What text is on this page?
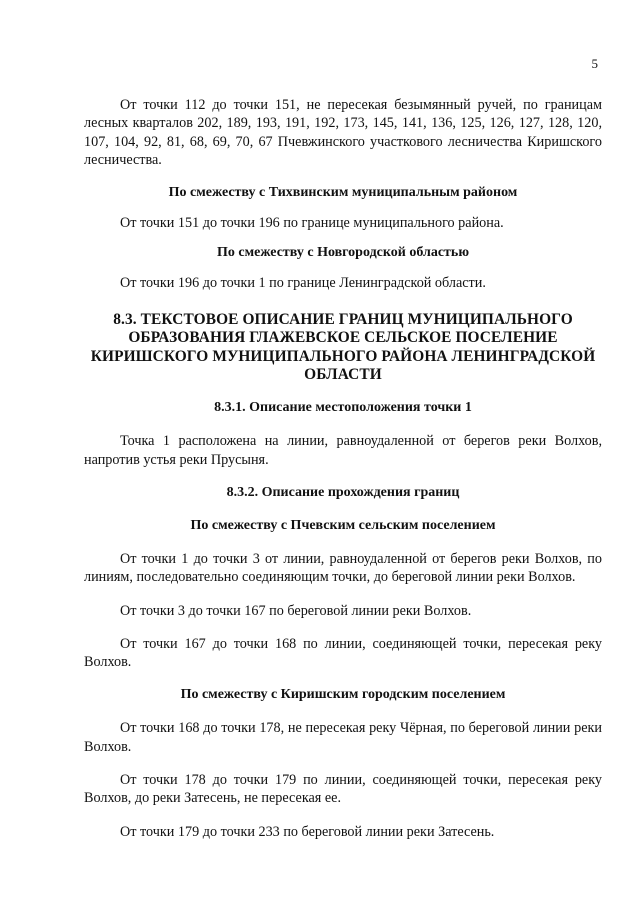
5

От точки 112 до точки 151, не пересекая безымянный ручей, по границам лесных кварталов 202, 189, 193, 191, 192, 173, 145, 141, 136, 125, 126, 127, 128, 120, 107, 104, 92, 81, 68, 69, 70, 67 Пчевжинского участкового лесничества Киришского лесничества.

По смежеству с Тихвинским муниципальным районом

От точки 151 до точки 196 по границе муниципального района.

По смежеству с Новгородской областью

От точки 196 до точки 1 по границе Ленинградской области.

8.3. ТЕКСТОВОЕ ОПИСАНИЕ ГРАНИЦ МУНИЦИПАЛЬНОГО ОБРАЗОВАНИЯ ГЛАЖЕВСКОЕ СЕЛЬСКОЕ ПОСЕЛЕНИЕ КИРИШСКОГО МУНИЦИПАЛЬНОГО РАЙОНА ЛЕНИНГРАДСКОЙ ОБЛАСТИ

8.3.1. Описание местоположения точки 1

Точка 1 расположена на линии, равноудаленной от берегов реки Волхов, напротив устья реки Прусыня.

8.3.2. Описание прохождения границ

По смежеству с Пчевским сельским поселением

От точки 1 до точки 3 от линии, равноудаленной от берегов реки Волхов, по линиям, последовательно соединяющим точки, до береговой линии реки Волхов.

От точки 3 до точки 167 по береговой линии реки Волхов.

От точки 167 до точки 168 по линии, соединяющей точки, пересекая реку Волхов.

По смежеству с Киришским городским поселением

От точки 168 до точки 178, не пересекая реку Чёрная, по береговой линии реки Волхов.

От точки 178 до точки 179 по линии, соединяющей точки, пересекая реку Волхов, до реки Затесень, не пересекая ее.

От точки 179 до точки 233 по береговой линии реки Затесень.
